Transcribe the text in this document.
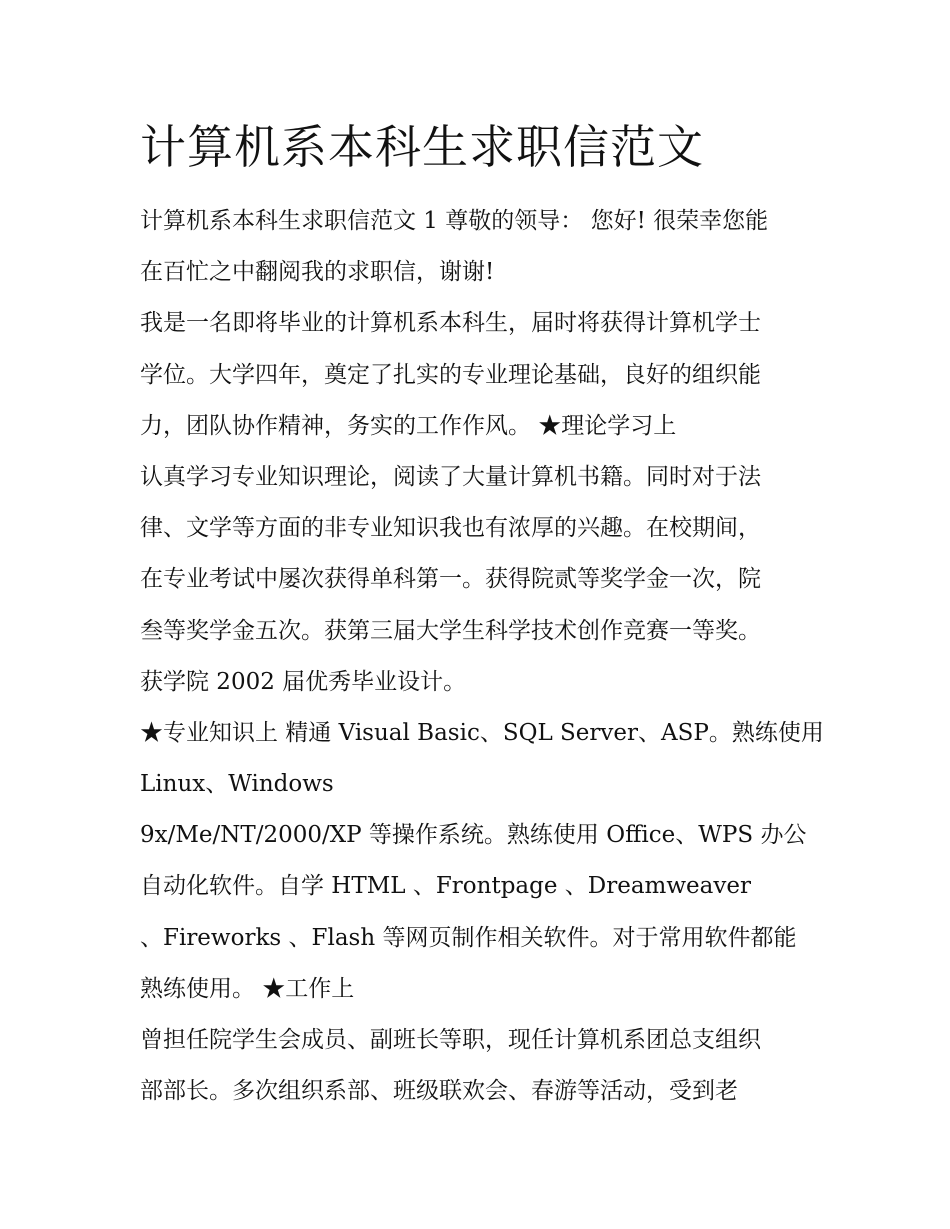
计算机系本科生求职信范文
计算机系本科生求职信范文 1 尊敬的领导： 您好! 很荣幸您能
在百忙之中翻阅我的求职信，谢谢!
我是一名即将毕业的计算机系本科生，届时将获得计算机学士
学位。大学四年，奠定了扎实的专业理论基础，良好的组织能
力，团队协作精神，务实的工作作风。 ★理论学习上
认真学习专业知识理论，阅读了大量计算机书籍。同时对于法
律、文学等方面的非专业知识我也有浓厚的兴趣。在校期间，
在专业考试中屡次获得单科第一。获得院贰等奖学金一次，院
叁等奖学金五次。获第三届大学生科学技术创作竞赛一等奖。
获学院 2002 届优秀毕业设计。
★专业知识上 精通 Visual Basic、SQL Server、ASP。熟练使用
Linux、Windows
9x/Me/NT/2000/XP 等操作系统。熟练使用 Office、WPS 办公
自动化软件。自学 HTML 、Frontpage 、Dreamweaver
、Fireworks 、Flash 等网页制作相关软件。对于常用软件都能
熟练使用。 ★工作上
曾担任院学生会成员、副班长等职，现任计算机系团总支组织
部部长。多次组织系部、班级联欢会、春游等活动，受到老
